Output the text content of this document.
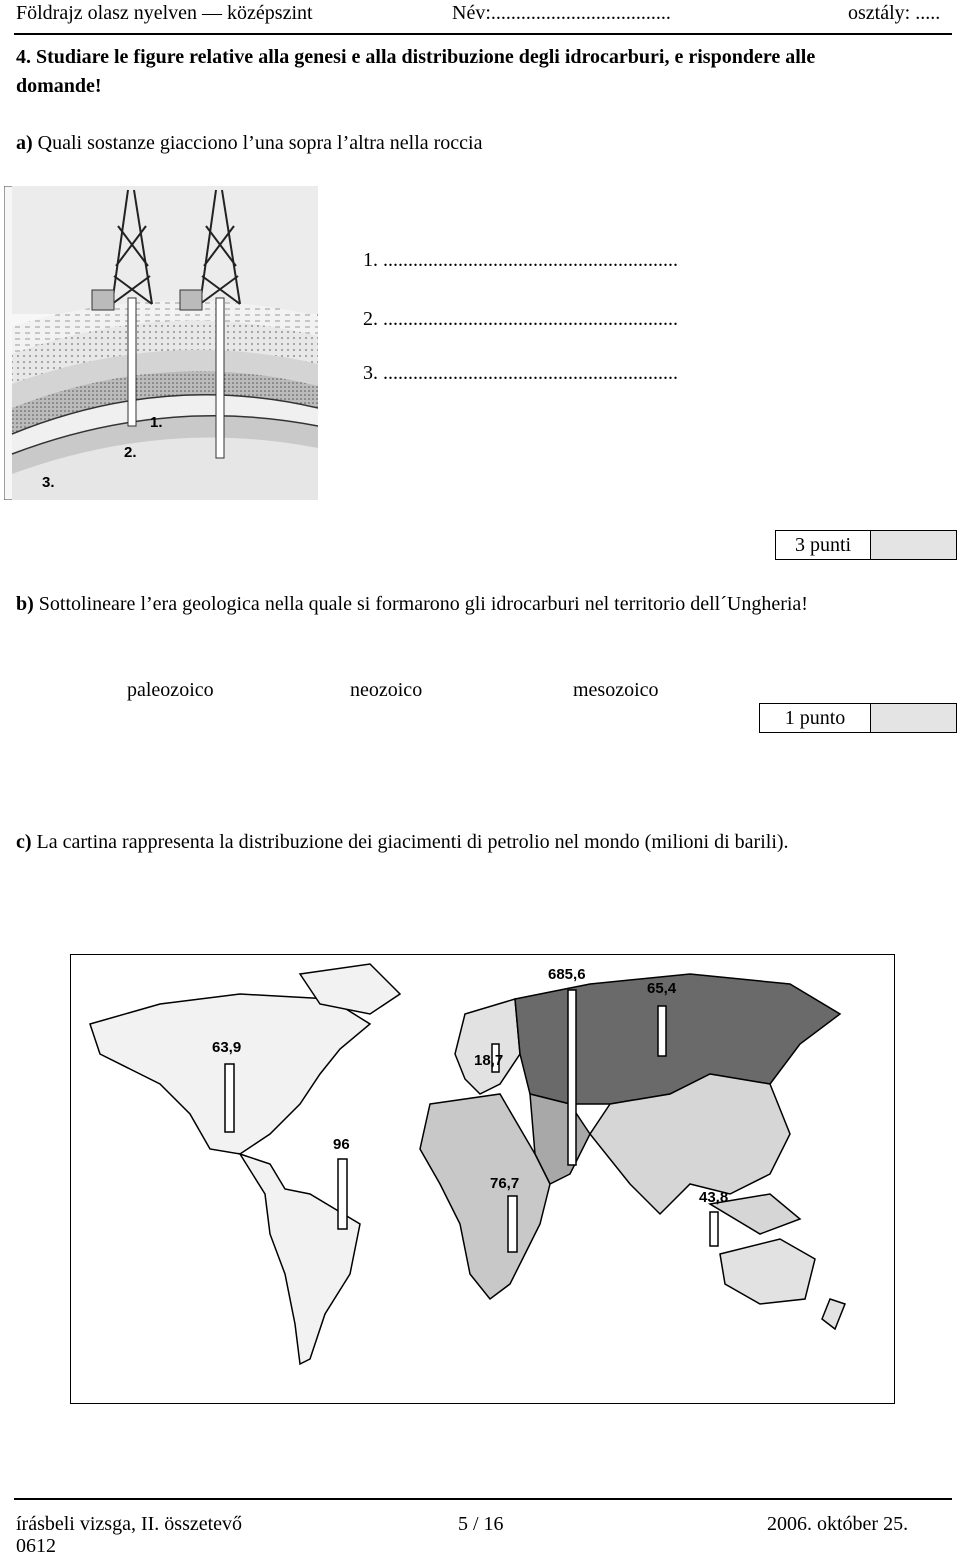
Földrajz olasz nyelven — középszint	Név:....................................	osztály: .....
4. Studiare le figure relative alla genesi e alla distribuzione degli idrocarburi, e rispondere alle domande!
a) Quali sostanze giacciono l’una sopra l’altra nella roccia
1.
2.
3.
1. ...........................................................
2. ...........................................................
3. ...........................................................
3 punti
b) Sottolineare l’era geologica nella quale si formarono gli idrocarburi nel territorio dell´Ungheria!
paleozoico	neozoico	mesozoico
1 punto
c) La cartina rappresenta la distribuzione dei giacimenti di petrolio nel mondo (milioni di barili).
685,6
65,4
63,9
18,7
96
76,7
43,8
írásbeli vizsga, II. összetevő	5 / 16	2006. október 25.
0612
